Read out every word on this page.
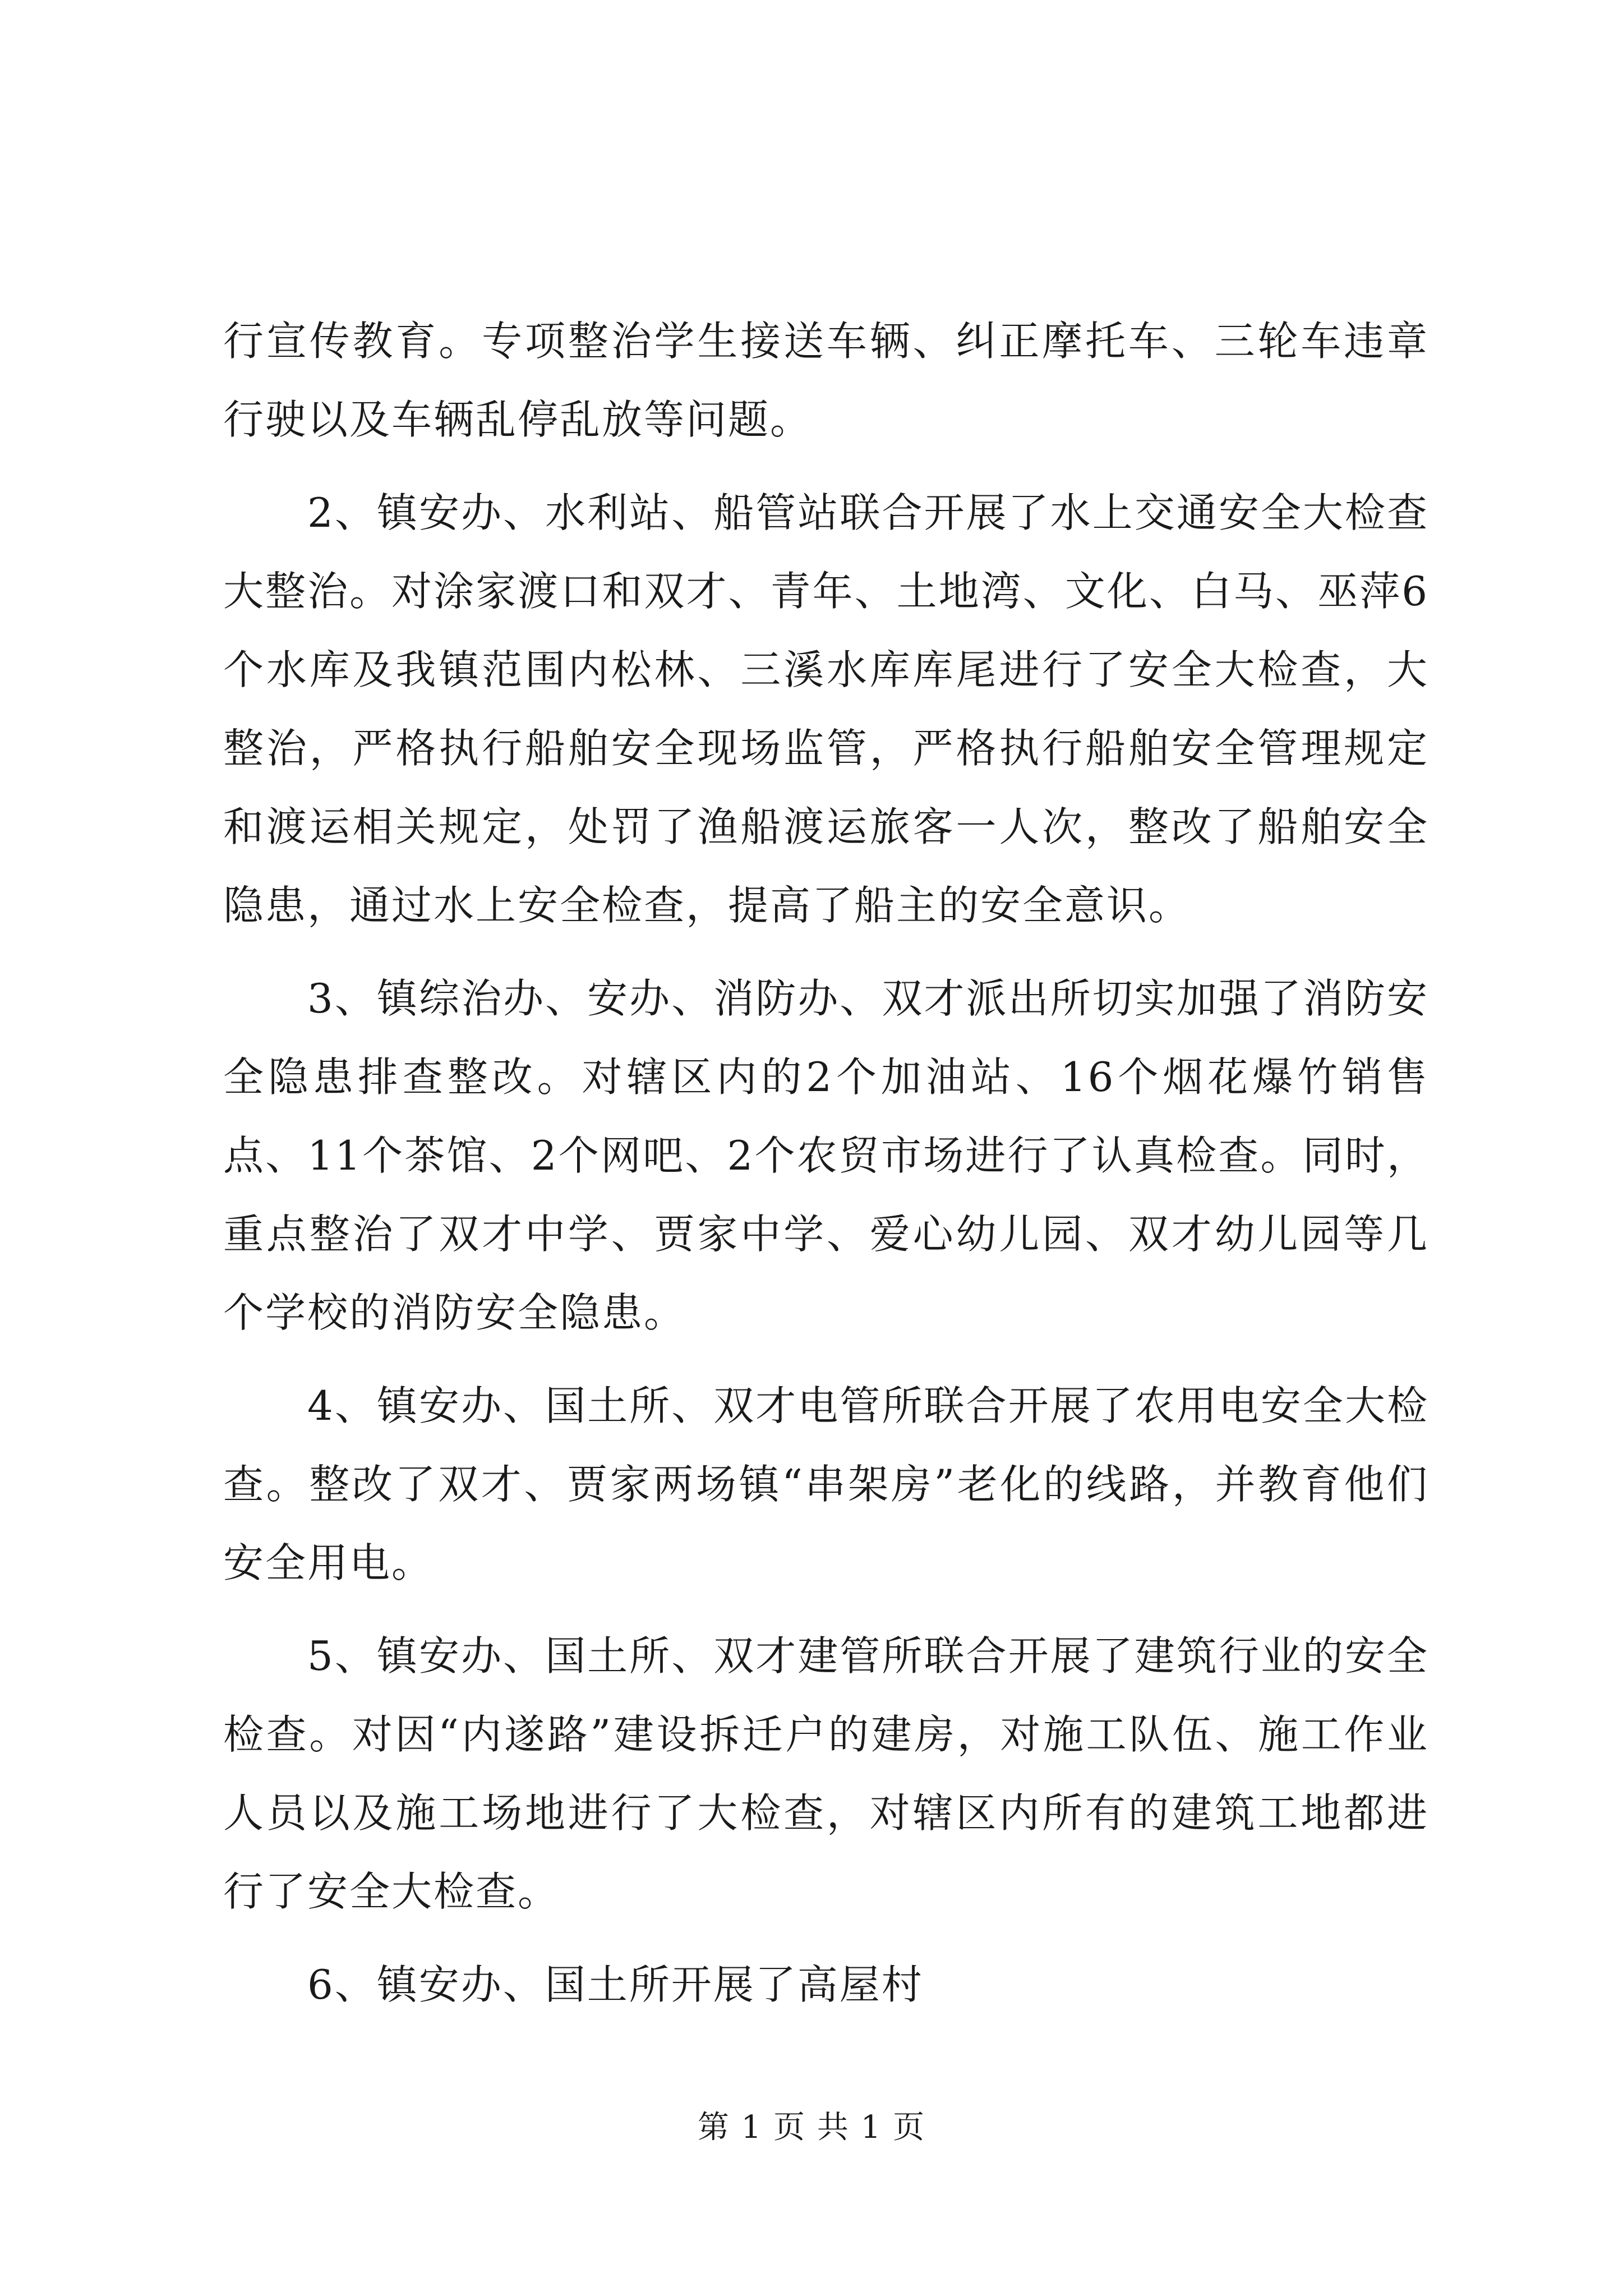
行宣传教育。专项整治学生接送车辆、纠正摩托车、三轮车违章行驶以及车辆乱停乱放等问题。

2、镇安办、水利站、船管站联合开展了水上交通安全大检查大整治。对涂家渡口和双才、青年、土地湾、文化、白马、巫萍6个水库及我镇范围内松林、三溪水库库尾进行了安全大检查，大整治，严格执行船舶安全现场监管，严格执行船舶安全管理规定和渡运相关规定，处罚了渔船渡运旅客一人次，整改了船舶安全隐患，通过水上安全检查，提高了船主的安全意识。

3、镇综治办、安办、消防办、双才派出所切实加强了消防安全隐患排查整改。对辖区内的2个加油站、16个烟花爆竹销售点、11个茶馆、2个网吧、2个农贸市场进行了认真检查。同时，重点整治了双才中学、贾家中学、爱心幼儿园、双才幼儿园等几个学校的消防安全隐患。

4、镇安办、国土所、双才电管所联合开展了农用电安全大检查。整改了双才、贾家两场镇“串架房”老化的线路，并教育他们安全用电。

5、镇安办、国土所、双才建管所联合开展了建筑行业的安全检查。对因“内遂路”建设拆迁户的建房，对施工队伍、施工作业人员以及施工场地进行了大检查，对辖区内所有的建筑工地都进行了安全大检查。

6、镇安办、国土所开展了高屋村

第 1 页 共 1 页
